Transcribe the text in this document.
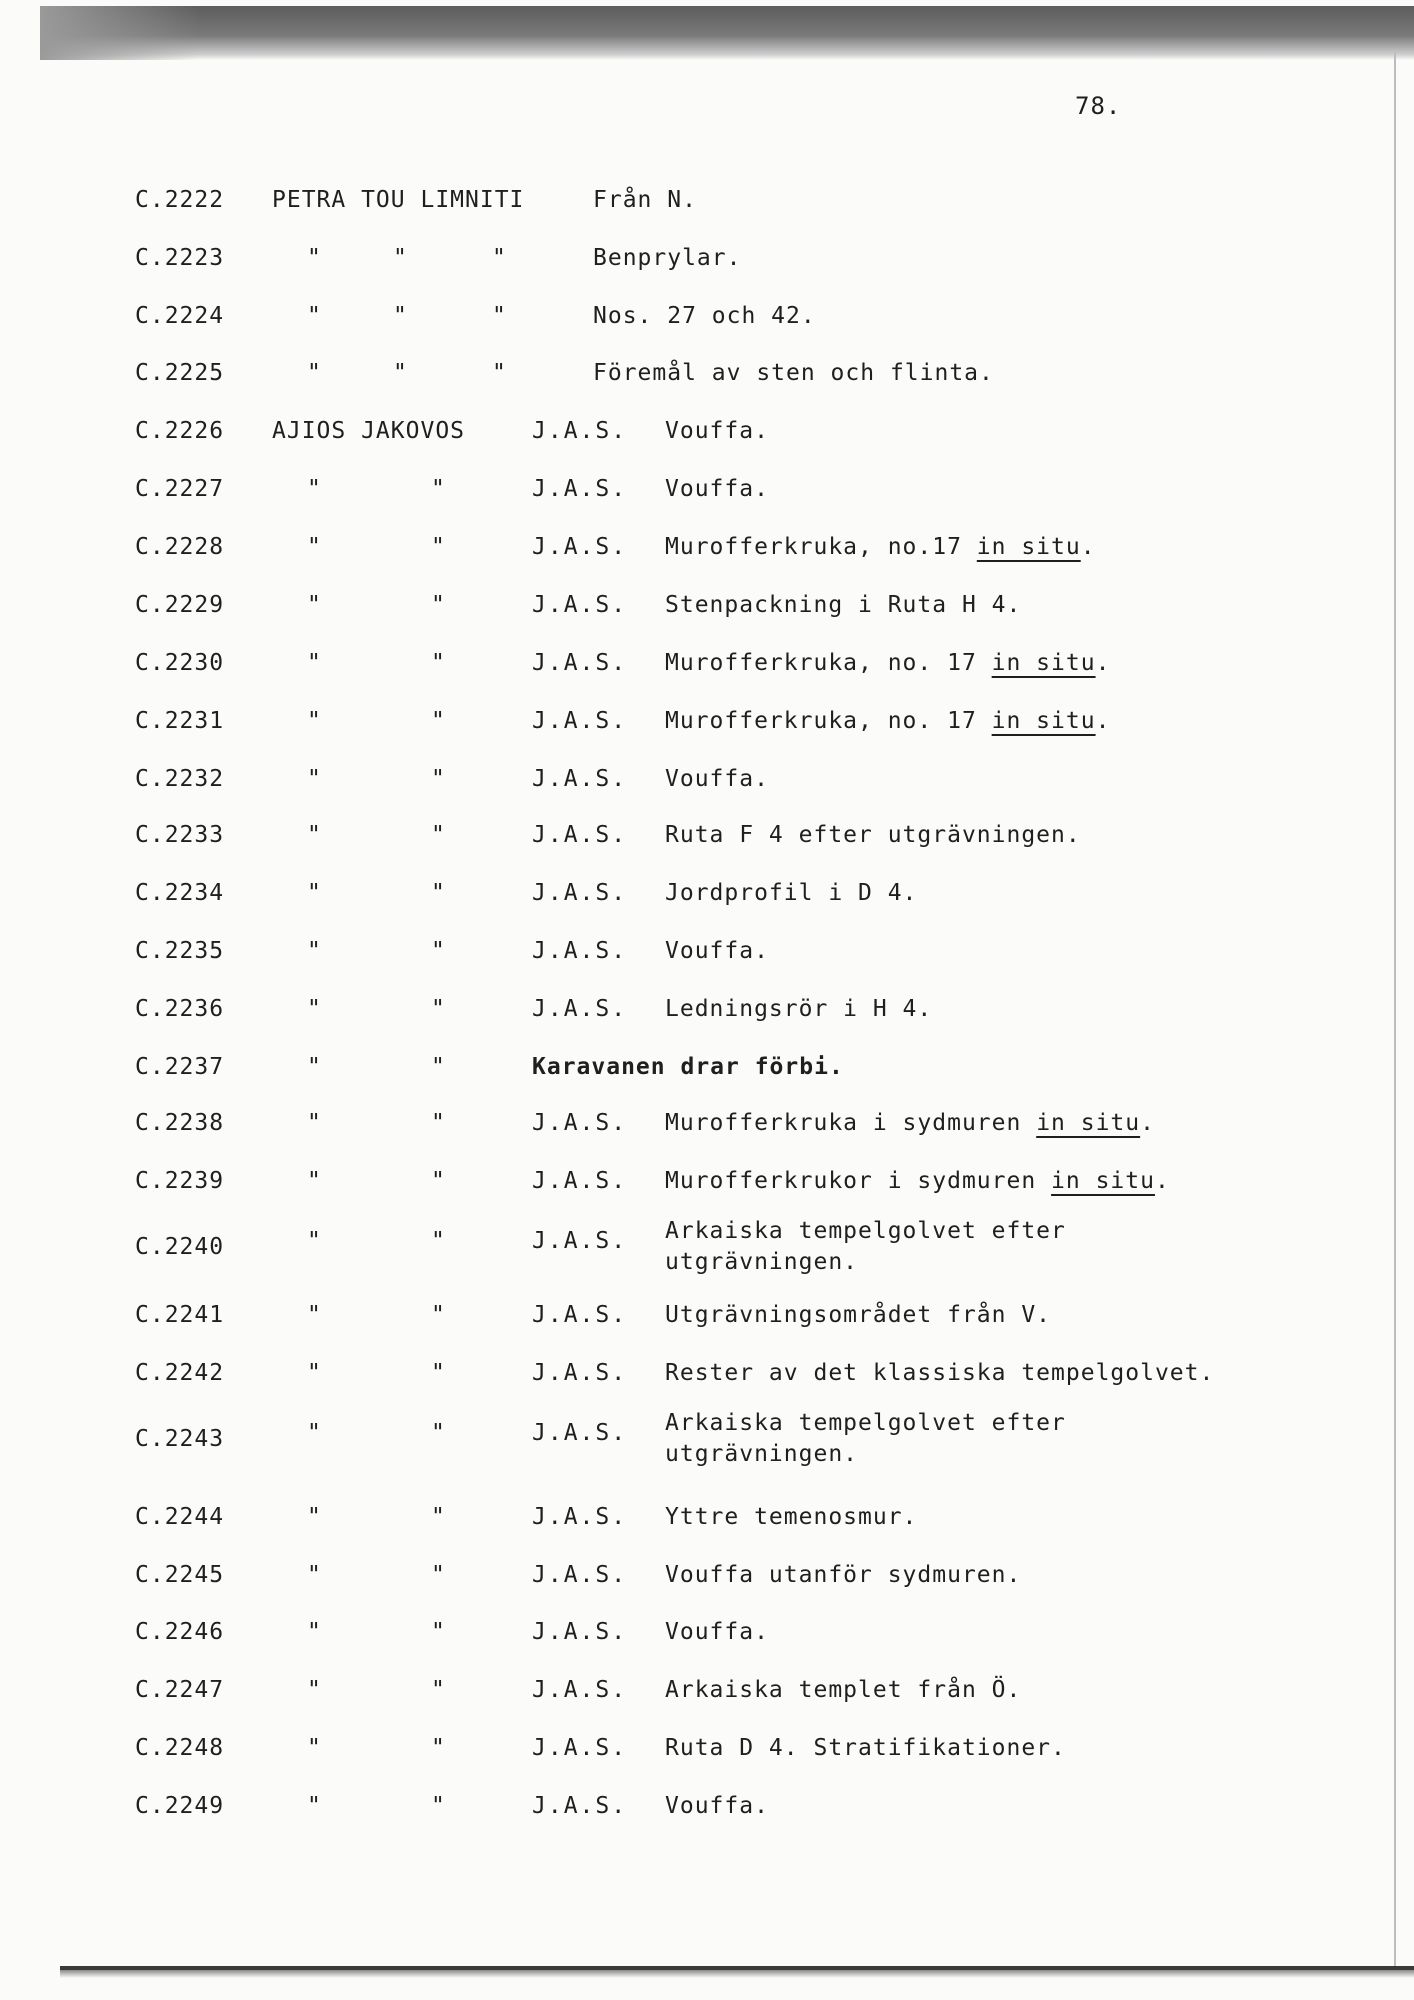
78.
C.2222 PETRA TOU LIMNITI	Från N.
C.2223	"	"	"	Benprylar.
C.2224	"	"	"	Nos. 27 och 42.
C.2225	"	"	"	Föremål av sten och flinta.
C.2226 AJIOS JAKOVOS	J.A.S. Vouffa.
C.2227	"	"	J.A.S. Vouffa.
C.2228	"	"	J.A.S. Murofferkruka, no.17 in situ.
C.2229	"	"	J.A.S. Stenpackning i Ruta H 4.
C.2230	"	"	J.A.S. Murofferkruka, no. 17 in situ.
C.2231	"	"	J.A.S. Murofferkruka, no. 17 in situ.
C.2232	"	"	J.A.S. Vouffa.
C.2233	"	"	J.A.S. Ruta F 4 efter utgrävningen.
C.2234	"	"	J.A.S. Jordprofil i D 4.
C.2235	"	"	J.A.S. Vouffa.
C.2236	"	"	J.A.S. Ledningsrör i H 4.
C.2237	"	"	Karavanen drar förbi.
C.2238	"	"	J.A.S. Murofferkruka i sydmuren in situ.
C.2239	"	"	J.A.S. Murofferkrukor i sydmuren in situ.
C.2240	"	"	J.A.S. Arkaiska tempelgolvet efter utgrävningen.
C.2241	"	"	J.A.S. Utgrävningsområdet från V.
C.2242	"	"	J.A.S. Rester av det klassiska tempelgolvet.
C.2243	"	"	J.A.S. Arkaiska tempelgolvet efter utgrävningen.
C.2244	"	"	J.A.S. Yttre temenosmur.
C.2245	"	"	J.A.S. Vouffa utanför sydmuren.
C.2246	"	"	J.A.S. Vouffa.
C.2247	"	"	J.A.S. Arkaiska templet från Ö.
C.2248	"	"	J.A.S. Ruta D 4. Stratifikationer.
C.2249	"	"	J.A.S. Vouffa.
